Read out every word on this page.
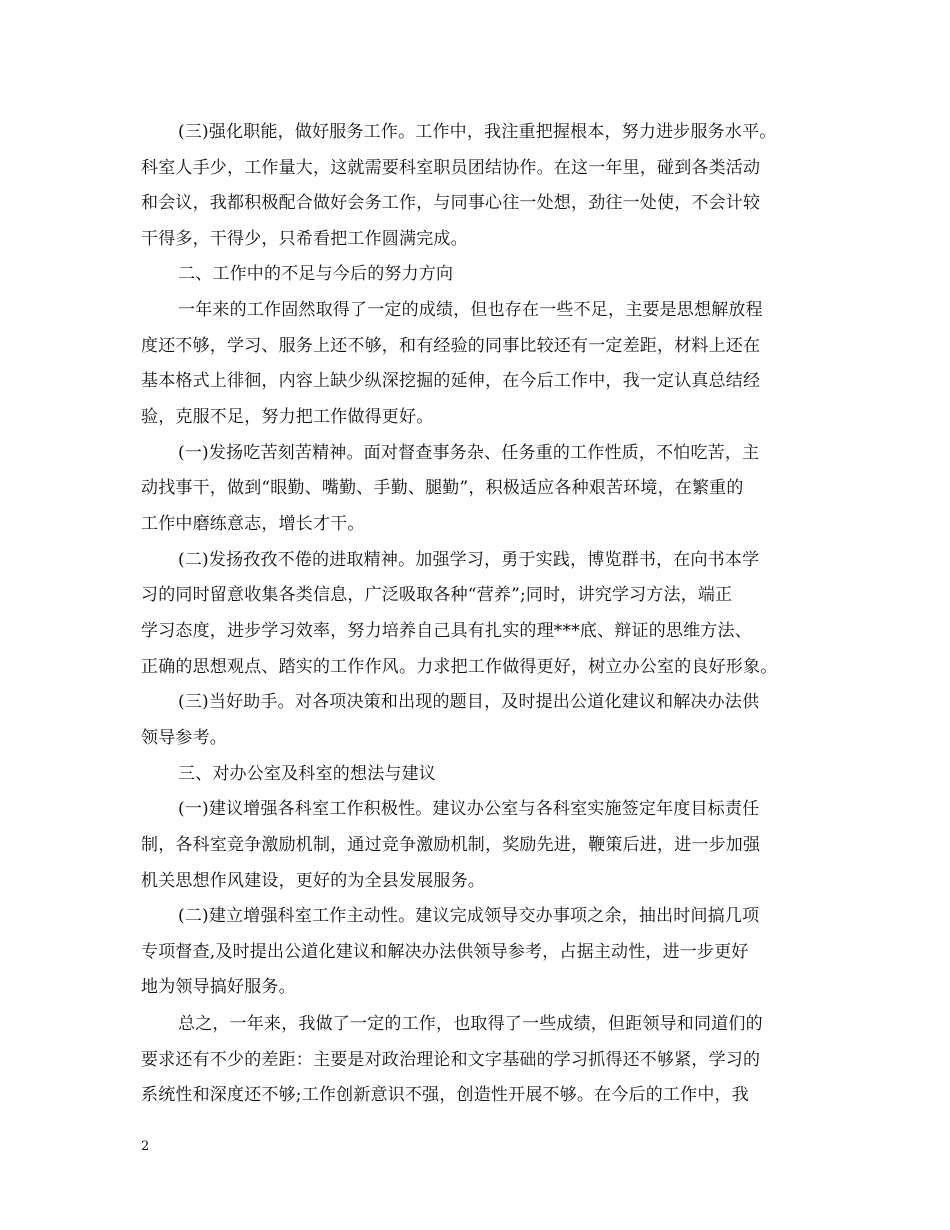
(三)强化职能，做好服务工作。工作中，我注重把握根本，努力进步服务水平。
科室人手少，工作量大，这就需要科室职员团结协作。在这一年里，碰到各类活动
和会议，我都积极配合做好会务工作，与同事心往一处想，劲往一处使，不会计较
干得多，干得少，只希看把工作圆满完成。
二、工作中的不足与今后的努力方向
一年来的工作固然取得了一定的成绩，但也存在一些不足，主要是思想解放程
度还不够，学习、服务上还不够，和有经验的同事比较还有一定差距，材料上还在
基本格式上徘徊，内容上缺少纵深挖掘的延伸，在今后工作中，我一定认真总结经
验，克服不足，努力把工作做得更好。
(一)发扬吃苦刻苦精神。面对督查事务杂、任务重的工作性质，不怕吃苦，主
动找事干，做到“眼勤、嘴勤、手勤、腿勤”，积极适应各种艰苦环境，在繁重的
工作中磨练意志，增长才干。
(二)发扬孜孜不倦的进取精神。加强学习，勇于实践，博览群书，在向书本学
习的同时留意收集各类信息，广泛吸取各种“营养”;同时，讲究学习方法，端正
学习态度，进步学习效率，努力培养自己具有扎实的理***底、辩证的思维方法、
正确的思想观点、踏实的工作作风。力求把工作做得更好，树立办公室的良好形象。
(三)当好助手。对各项决策和出现的题目，及时提出公道化建议和解决办法供
领导参考。
三、对办公室及科室的想法与建议
(一)建议增强各科室工作积极性。建议办公室与各科室实施签定年度目标责任
制，各科室竞争激励机制，通过竞争激励机制，奖励先进，鞭策后进，进一步加强
机关思想作风建设，更好的为全县发展服务。
(二)建立增强科室工作主动性。建议完成领导交办事项之余，抽出时间搞几项
专项督查,及时提出公道化建议和解决办法供领导参考，占据主动性，进一步更好
地为领导搞好服务。
总之，一年来，我做了一定的工作，也取得了一些成绩，但距领导和同道们的
要求还有不少的差距：主要是对政治理论和文字基础的学习抓得还不够紧，学习的
系统性和深度还不够;工作创新意识不强，创造性开展不够。在今后的工作中，我
2
